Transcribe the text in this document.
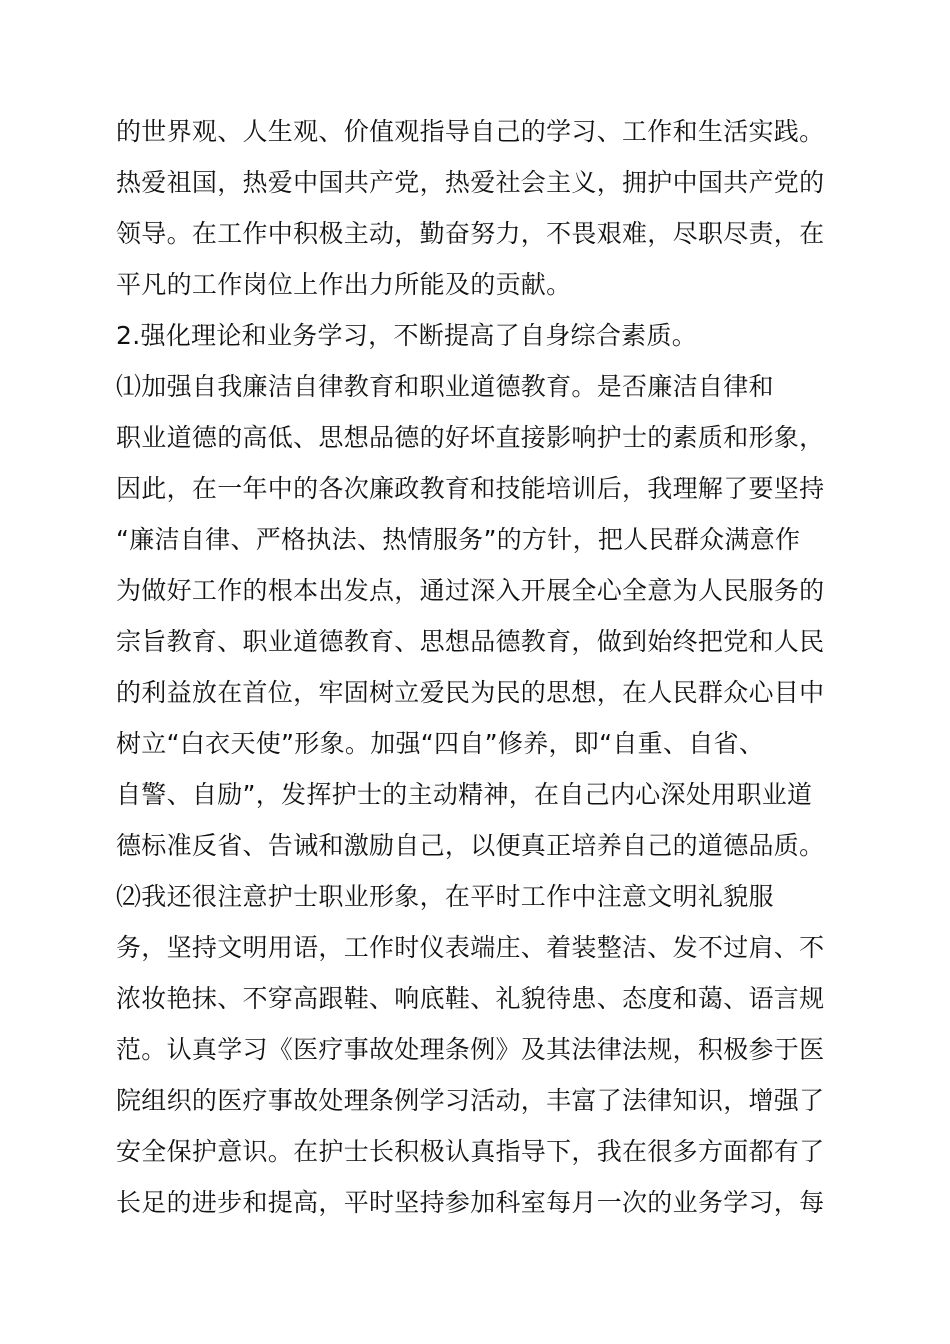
的世界观、人生观、价值观指导自己的学习、工作和生活实践。
热爱祖国，热爱中国共产党，热爱社会主义，拥护中国共产党的
领导。在工作中积极主动，勤奋努力，不畏艰难，尽职尽责，在
平凡的工作岗位上作出力所能及的贡献。
2.强化理论和业务学习，不断提高了自身综合素质。
⑴加强自我廉洁自律教育和职业道德教育。是否廉洁自律和
职业道德的高低、思想品德的好坏直接影响护士的素质和形象，
因此，在一年中的各次廉政教育和技能培训后，我理解了要坚持
“廉洁自律、严格执法、热情服务”的方针，把人民群众满意作
为做好工作的根本出发点，通过深入开展全心全意为人民服务的
宗旨教育、职业道德教育、思想品德教育，做到始终把党和人民
的利益放在首位，牢固树立爱民为民的思想，在人民群众心目中
树立“白衣天使”形象。加强“四自”修养，即“自重、自省、
自警、自励”，发挥护士的主动精神，在自己内心深处用职业道
德标准反省、告诫和激励自己，以便真正培养自己的道德品质。
⑵我还很注意护士职业形象，在平时工作中注意文明礼貌服
务，坚持文明用语，工作时仪表端庄、着装整洁、发不过肩、不
浓妆艳抹、不穿高跟鞋、响底鞋、礼貌待患、态度和蔼、语言规
范。认真学习《医疗事故处理条例》及其法律法规，积极参于医
院组织的医疗事故处理条例学习活动，丰富了法律知识，增强了
安全保护意识。在护士长积极认真指导下，我在很多方面都有了
长足的进步和提高，平时坚持参加科室每月一次的业务学习，每
